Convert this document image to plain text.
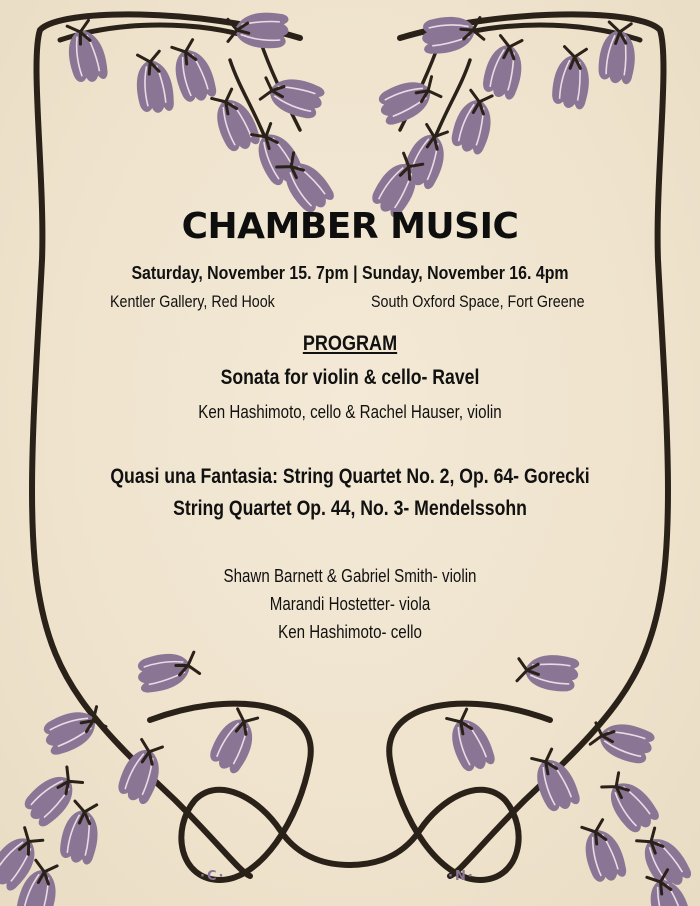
·C·	·N·
CHAMBER MUSIC
Saturday, November 15. 7pm | Sunday, November 16. 4pm
Kentler Gallery, Red Hook	South Oxford Space, Fort Greene
PROGRAM
Sonata for violin & cello- Ravel
Ken Hashimoto, cello & Rachel Hauser, violin
Quasi una Fantasia: String Quartet No. 2, Op. 64- Gorecki
String Quartet Op. 44, No. 3- Mendelssohn
Shawn Barnett & Gabriel Smith- violin
Marandi Hostetter- viola
Ken Hashimoto- cello
